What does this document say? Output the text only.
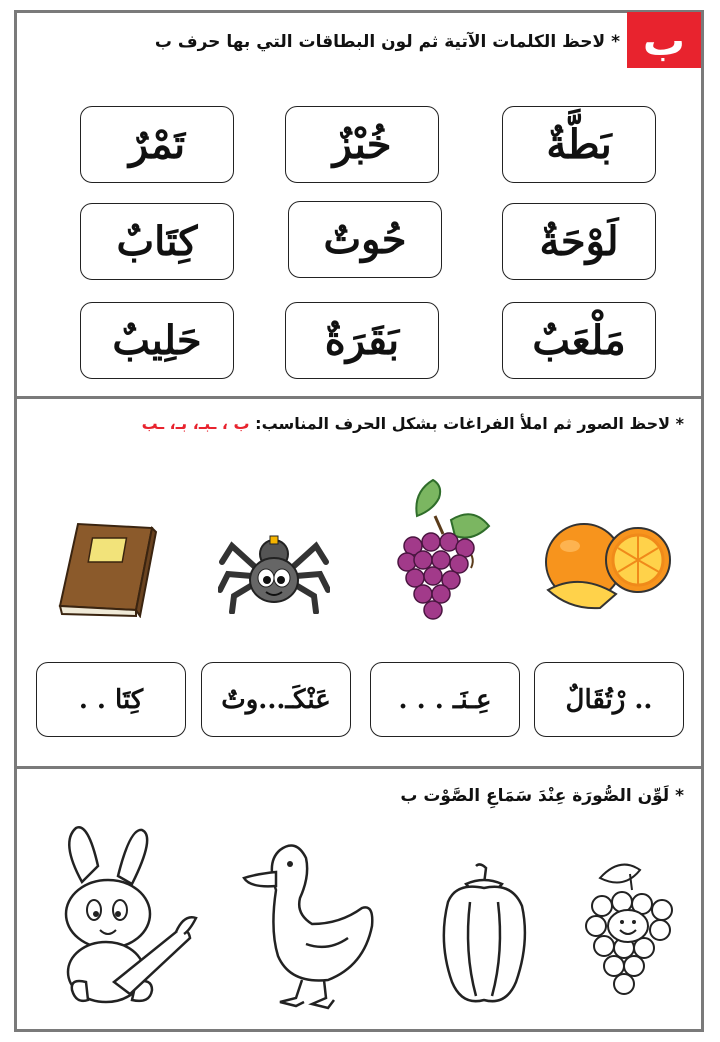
ب
* لاحظ الكلمات الآتية ثم لون البطاقات التي بها حرف ب
بَطَّةٌ
خُبْزٌ
تَمْرٌ
لَوْحَةٌ
حُوتٌ
كِتَابٌ
مَلْعَبٌ
بَقَرَةٌ
حَلِيبٌ
* لاحظ الصور ثم املأ الفراغات بشكل الحرف المناسب: ب ، ـبـ، بـ، ـب
.. رْتُقَالٌ
عِـنَـ . . .
عَنْكَـ...وتٌ
كِتَا . .
* لَوِّن الصُّورَة عِنْدَ سَمَاعِ الصَّوْت ب
